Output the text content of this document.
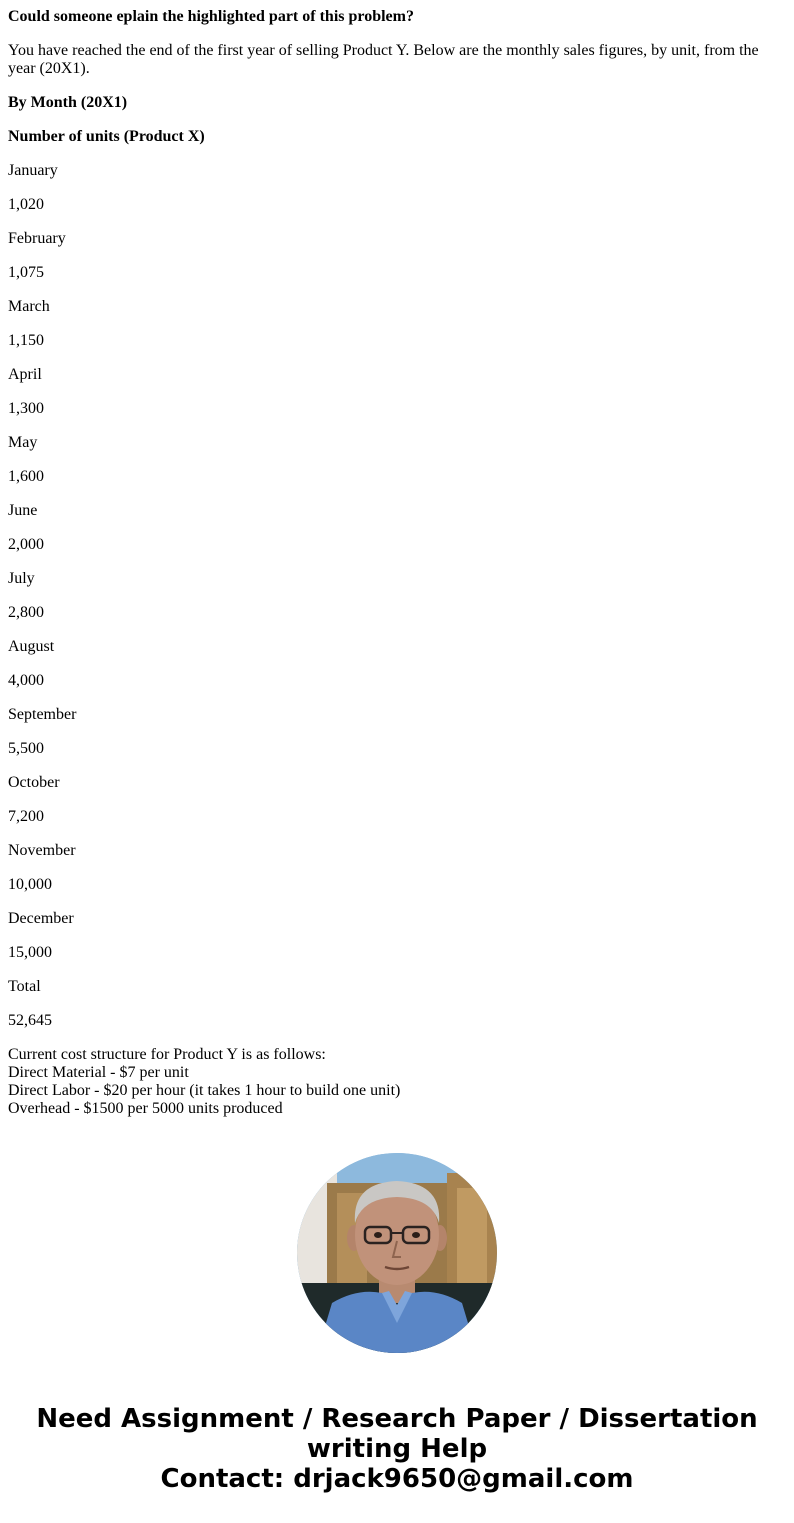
Could someone eplain the highlighted part of this problem?

You have reached the end of the first year of selling Product Y. Below are the monthly sales figures, by unit, from the year (20X1).

By Month (20X1)

Number of units (Product X)

January

1,020

February

1,075

March

1,150

April

1,300

May

1,600

June

2,000

July

2,800

August

4,000

September

5,500

October

7,200

November

10,000

December

15,000

Total

52,645

Current cost structure for Product Y is as follows:
Direct Material - $7 per unit
Direct Labor - $20 per hour (it takes 1 hour to build one unit)
Overhead - $1500 per 5000 units produced
Need Assignment / Research Paper / Dissertation
writing Help
Contact: drjack9650@gmail.com
